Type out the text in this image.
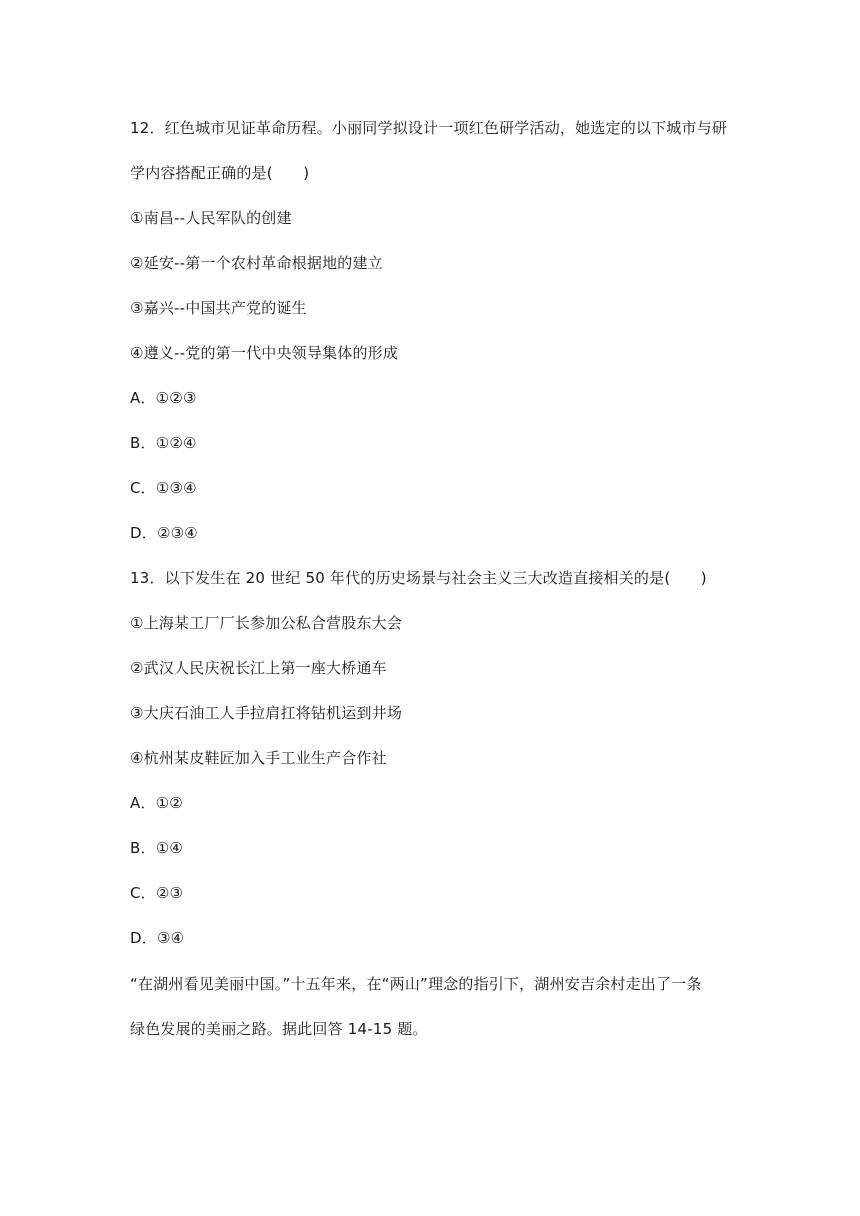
12．红色城市见证革命历程。小丽同学拟设计一项红色研学活动，她选定的以下城市与研
学内容搭配正确的是(　　)
①南昌--人民军队的创建
②延安--第一个农村革命根据地的建立
③嘉兴--中国共产党的诞生
④遵义--党的第一代中央领导集体的形成
A．①②③
B．①②④
C．①③④
D．②③④
13．以下发生在 20 世纪 50 年代的历史场景与社会主义三大改造直接相关的是(　　)
①上海某工厂厂长参加公私合营股东大会
②武汉人民庆祝长江上第一座大桥通车
③大庆石油工人手拉肩扛将钻机运到井场
④杭州某皮鞋匠加入手工业生产合作社
A．①②
B．①④
C．②③
D．③④
“在湖州看见美丽中国。”十五年来，在“两山”理念的指引下，湖州安吉余村走出了一条
绿色发展的美丽之路。据此回答 14-15 题。
